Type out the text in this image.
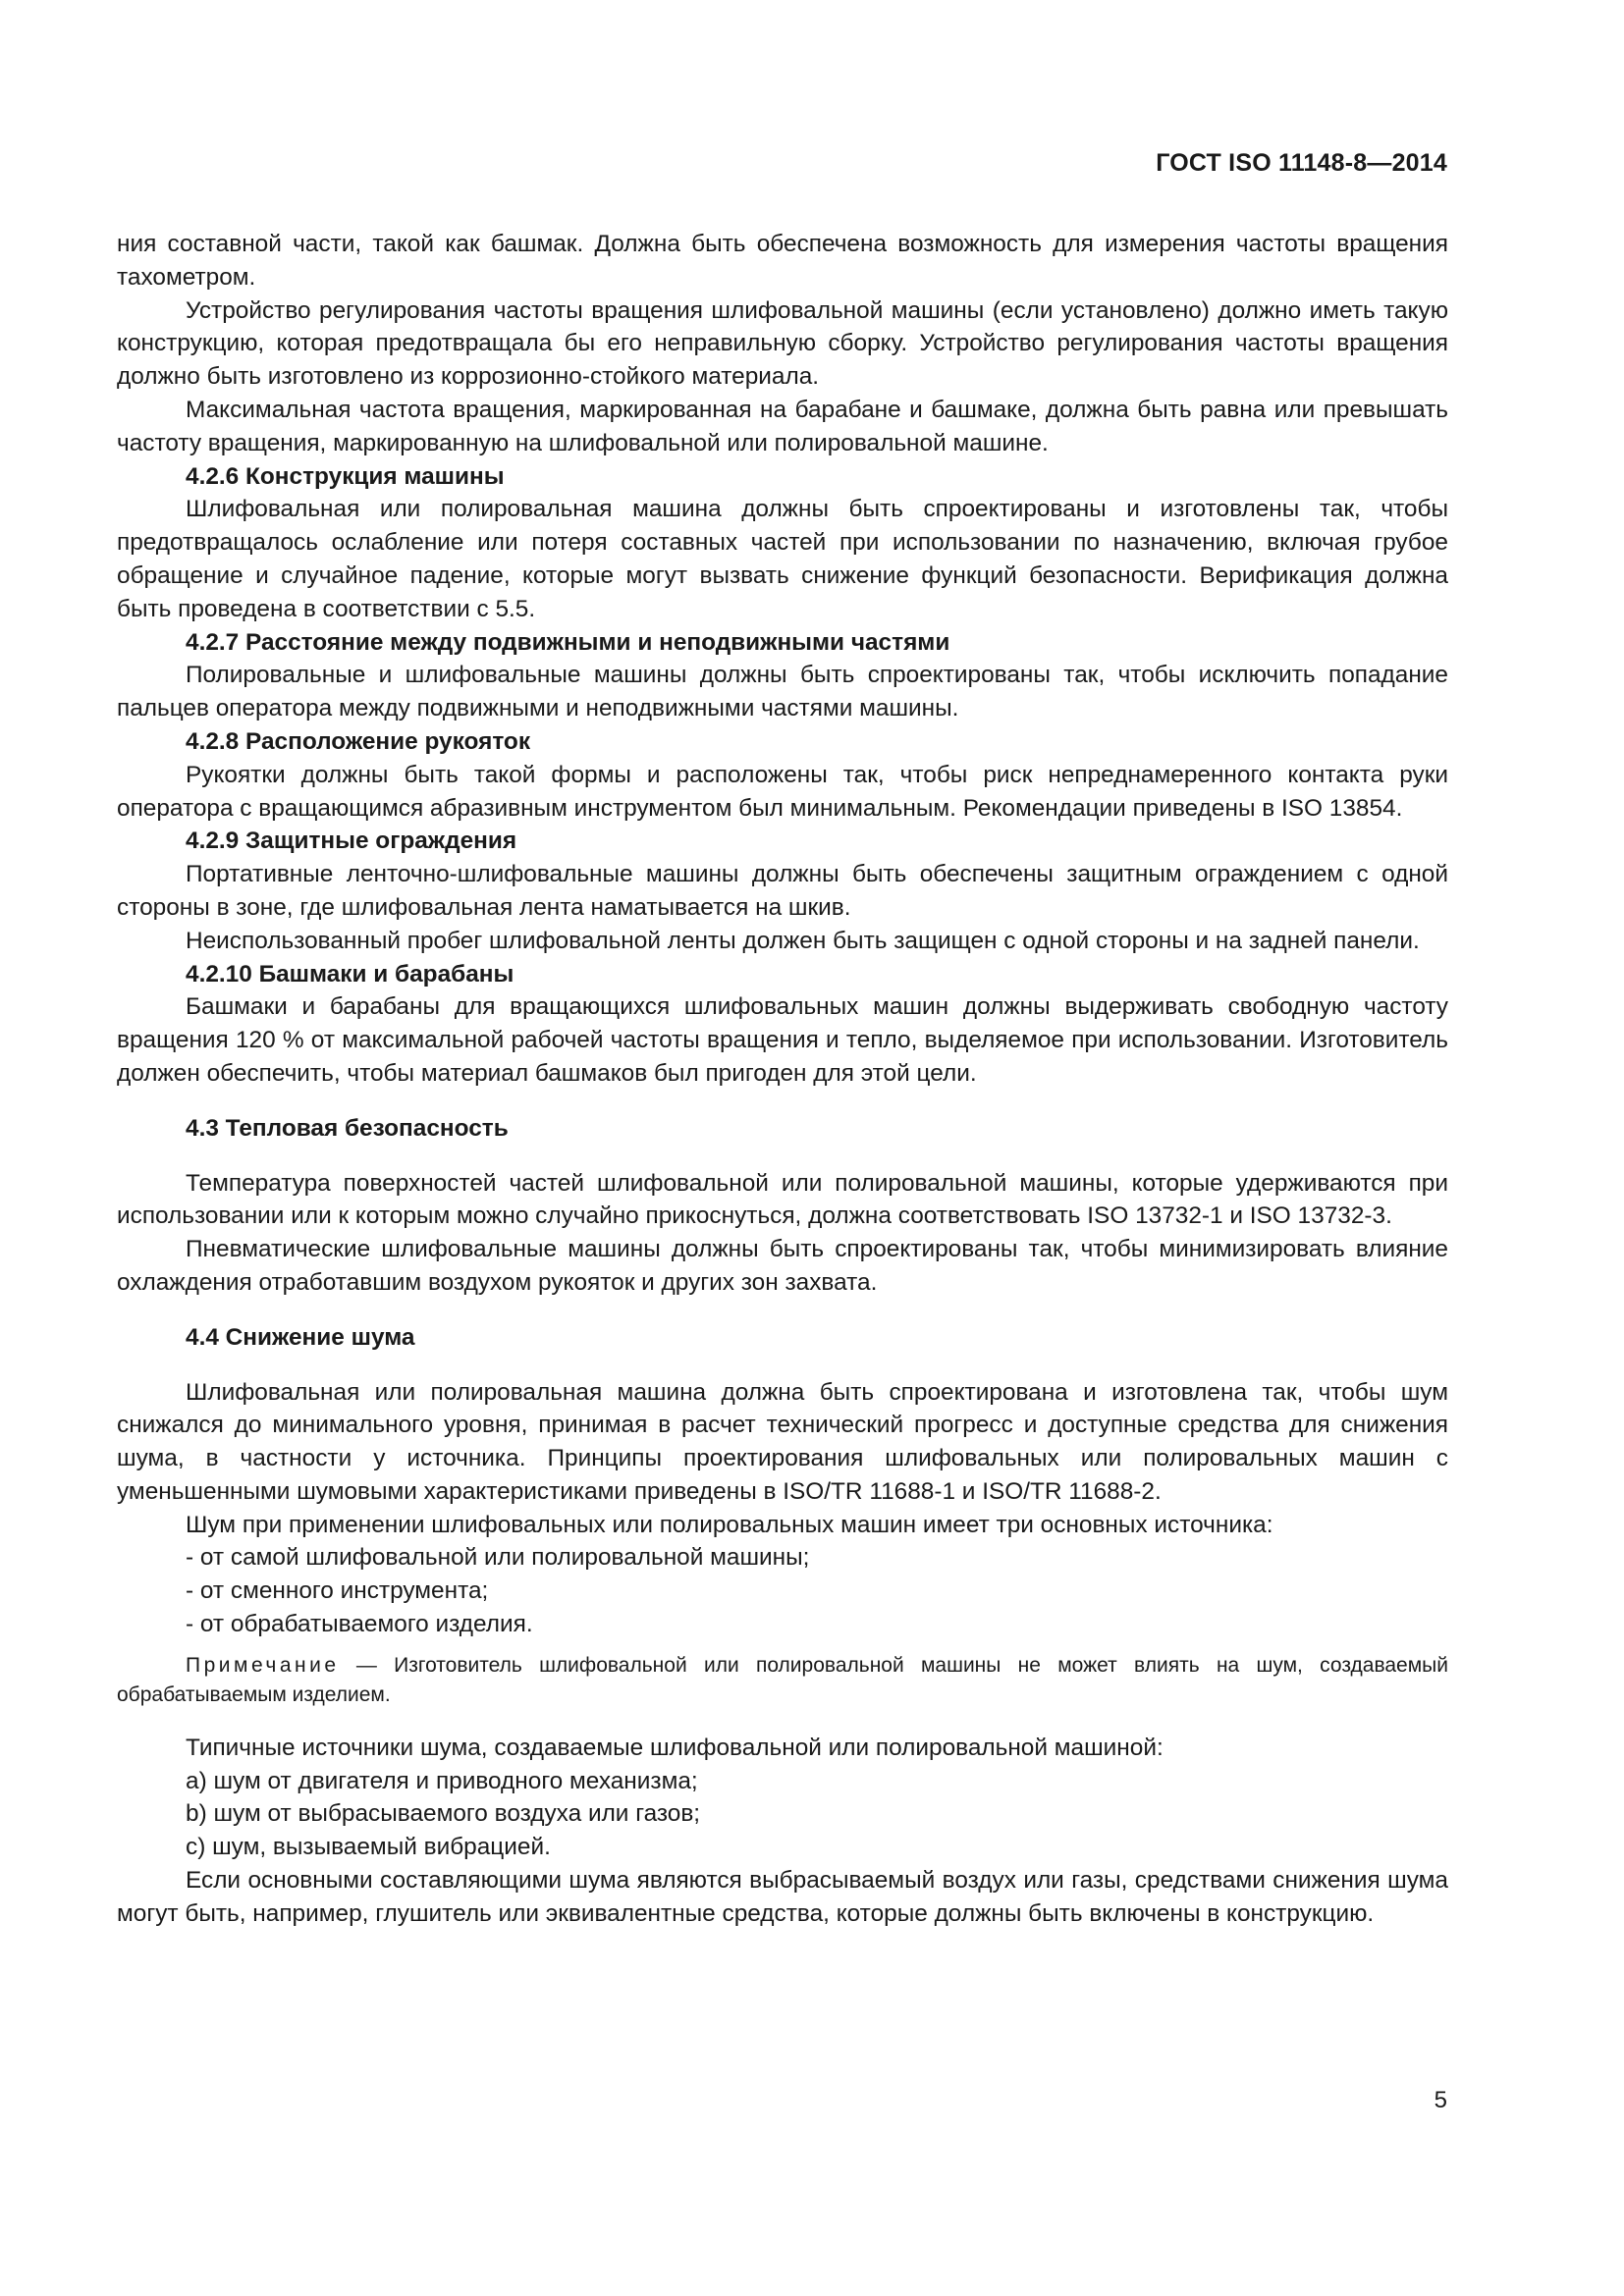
ГОСТ ISO 11148-8—2014

ния составной части, такой как башмак. Должна быть обеспечена возможность для измерения частоты вращения тахометром.

Устройство регулирования частоты вращения шлифовальной машины (если установлено) должно иметь такую конструкцию, которая предотвращала бы его неправильную сборку. Устройство регулирования частоты вращения должно быть изготовлено из коррозионно-стойкого материала.

Максимальная частота вращения, маркированная на барабане и башмаке, должна быть равна или превышать частоту вращения, маркированную на шлифовальной или полировальной машине.

4.2.6 Конструкция машины

Шлифовальная или полировальная машина должны быть спроектированы и изготовлены так, чтобы предотвращалось ослабление или потеря составных частей при использовании по назначению, включая грубое обращение и случайное падение, которые могут вызвать снижение функций безопасности. Верификация должна быть проведена в соответствии с 5.5.

4.2.7 Расстояние между подвижными и неподвижными частями

Полировальные и шлифовальные машины должны быть спроектированы так, чтобы исключить попадание пальцев оператора между подвижными и неподвижными частями машины.

4.2.8 Расположение рукояток

Рукоятки должны быть такой формы и расположены так, чтобы риск непреднамеренного контакта руки оператора с вращающимся абразивным инструментом был минимальным. Рекомендации приведены в ISO 13854.

4.2.9 Защитные ограждения

Портативные ленточно-шлифовальные машины должны быть обеспечены защитным ограждением с одной стороны в зоне, где шлифовальная лента наматывается на шкив.

Неиспользованный пробег шлифовальной ленты должен быть защищен с одной стороны и на задней панели.

4.2.10 Башмаки и барабаны

Башмаки и барабаны для вращающихся шлифовальных машин должны выдерживать свободную частоту вращения 120 % от максимальной рабочей частоты вращения и тепло, выделяемое при использовании. Изготовитель должен обеспечить, чтобы материал башмаков был пригоден для этой цели.

4.3 Тепловая безопасность

Температура поверхностей частей шлифовальной или полировальной машины, которые удерживаются при использовании или к которым можно случайно прикоснуться, должна соответствовать ISO 13732-1 и ISO 13732-3.

Пневматические шлифовальные машины должны быть спроектированы так, чтобы минимизировать влияние охлаждения отработавшим воздухом рукояток и других зон захвата.

4.4 Снижение шума

Шлифовальная или полировальная машина должна быть спроектирована и изготовлена так, чтобы шум снижался до минимального уровня, принимая в расчет технический прогресс и доступные средства для снижения шума, в частности у источника. Принципы проектирования шлифовальных или полировальных машин с уменьшенными шумовыми характеристиками приведены в ISO/TR 11688-1 и ISO/TR 11688-2.

Шум при применении шлифовальных или полировальных машин имеет три основных источника:

- от самой шлифовальной или полировальной машины;

- от сменного инструмента;

- от обрабатываемого изделия.

Примечание — Изготовитель шлифовальной или полировальной машины не может влиять на шум, создаваемый обрабатываемым изделием.

Типичные источники шума, создаваемые шлифовальной или полировальной машиной:

a) шум от двигателя и приводного механизма;

b) шум от выбрасываемого воздуха или газов;

c) шум, вызываемый вибрацией.

Если основными составляющими шума являются выбрасываемый воздух или газы, средствами снижения шума могут быть, например, глушитель или эквивалентные средства, которые должны быть включены в конструкцию.

5
